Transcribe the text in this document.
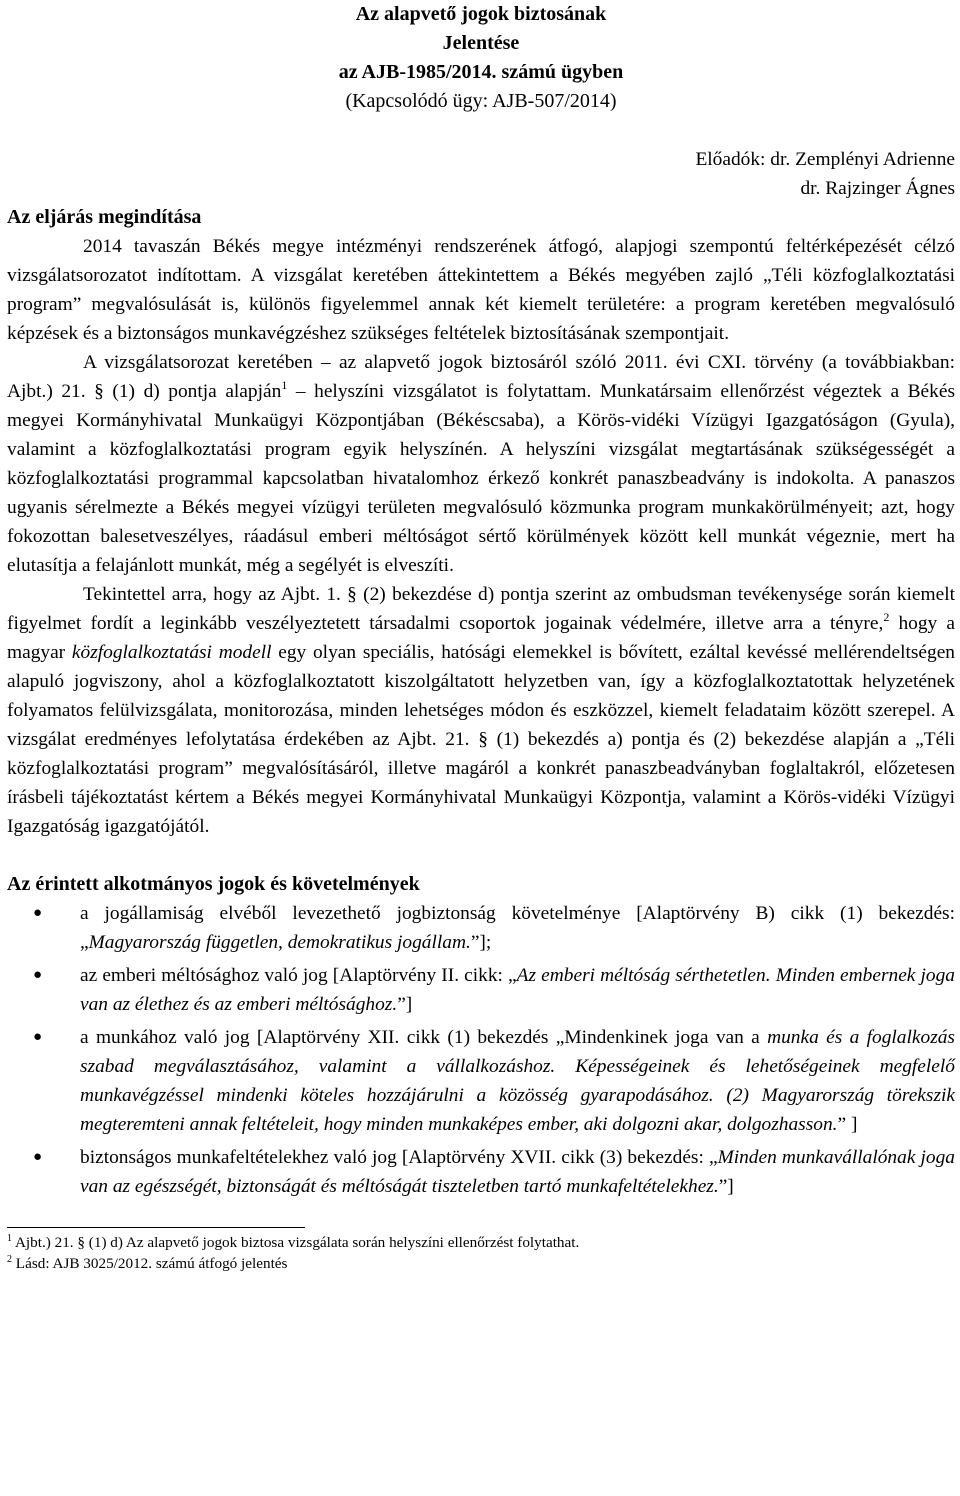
Az alapvető jogok biztosának
Jelentése
az AJB-1985/2014. számú ügyben
(Kapcsolódó ügy: AJB-507/2014)
Előadók: dr. Zemplényi Adrienne
dr. Rajzinger Ágnes
Az eljárás megindítása

2014 tavaszán Békés megye intézményi rendszerének átfogó, alapjogi szempontú feltérképezését célzó vizsgálatsorozatot indítottam. A vizsgálat keretében áttekintettem a Békés megyében zajló „Téli közfoglalkoztatási program” megvalósulását is, különös figyelemmel annak két kiemelt területére: a program keretében megvalósuló képzések és a biztonságos munkavégzéshez szükséges feltételek biztosításának szempontjait.

A vizsgálatsorozat keretében – az alapvető jogok biztosáról szóló 2011. évi CXI. törvény (a továbbiakban: Ajbt.) 21. § (1) d) pontja alapján$^1$ – helyszíni vizsgálatot is folytattam. Munkatársaim ellenőrzést végeztek a Békés megyei Kormányhivatal Munkaügyi Központjában (Békéscsaba), a Körös-vidéki Vízügyi Igazgatóságon (Gyula), valamint a közfoglalkoztatási program egyik helyszínén. A helyszíni vizsgálat megtartásának szükségességét a közfoglalkoztatási programmal kapcsolatban hivatalomhoz érkező konkrét panaszbeadvány is indokolta. A panaszos ugyanis sérelmezte a Békés megyei vízügyi területen megvalósuló közmunka program munkakörülményeit; azt, hogy fokozottan balesetveszélyes, ráadásul emberi méltóságot sértő körülmények között kell munkát végeznie, mert ha elutasítja a felajánlott munkát, még a segélyét is elveszíti.

Tekintettel arra, hogy az Ajbt. 1. § (2) bekezdése d) pontja szerint az ombudsman tevékenysége során kiemelt figyelmet fordít a leginkább veszélyeztetett társadalmi csoportok jogainak védelmére, illetve arra a tényre,$^2$ hogy a magyar közfoglalkoztatási modell egy olyan speciális, hatósági elemekkel is bővített, ezáltal kevéssé mellérendeltségen alapuló jogviszony, ahol a közfoglalkoztatott kiszolgáltatott helyzetben van, így a közfoglalkoztatottak helyzetének folyamatos felülvizsgálata, monitorozása, minden lehetséges módon és eszközzel, kiemelt feladataim között szerepel. A vizsgálat eredményes lefolytatása érdekében az Ajbt. 21. § (1) bekezdés a) pontja és (2) bekezdése alapján a „Téli közfoglalkoztatási program” megvalósításáról, illetve magáról a konkrét panaszbeadványban foglaltakról, előzetesen írásbeli tájékoztatást kértem a Békés megyei Kormányhivatal Munkaügyi Központja, valamint a Körös-vidéki Vízügyi Igazgatóság igazgatójától.

Az érintett alkotmányos jogok és követelmények
● a jogállamiság elvéből levezethető jogbiztonság követelménye [Alaptörvény B) cikk (1) bekezdés: „Magyarország független, demokratikus jogállam.”];
● az emberi méltósághoz való jog [Alaptörvény II. cikk: „Az emberi méltóság sérthetetlen. Minden embernek joga van az élethez és az emberi méltósághoz.”]
● a munkához való jog [Alaptörvény XII. cikk (1) bekezdés „Mindenkinek joga van a munka és a foglalkozás szabad megválasztásához, valamint a vállalkozáshoz. Képességeinek és lehetőségeinek megfelelő munkavégzéssel mindenki köteles hozzájárulni a közösség gyarapodásához. (2) Magyarország törekszik megteremteni annak feltételeit, hogy minden munkaképes ember, aki dolgozni akar, dolgozhasson.” ]
● biztonságos munkafeltételekhez való jog [Alaptörvény XVII. cikk (3) bekezdés: „Minden munkavállalónak joga van az egészségét, biztonságát és méltóságát tiszteletben tartó munkafeltételekhez.”]
$^1$ Ajbt.) 21. § (1) d) Az alapvető jogok biztosa vizsgálata során helyszíni ellenőrzést folytathat.
$^2$ Lásd: AJB 3025/2012. számú átfogó jelentés
